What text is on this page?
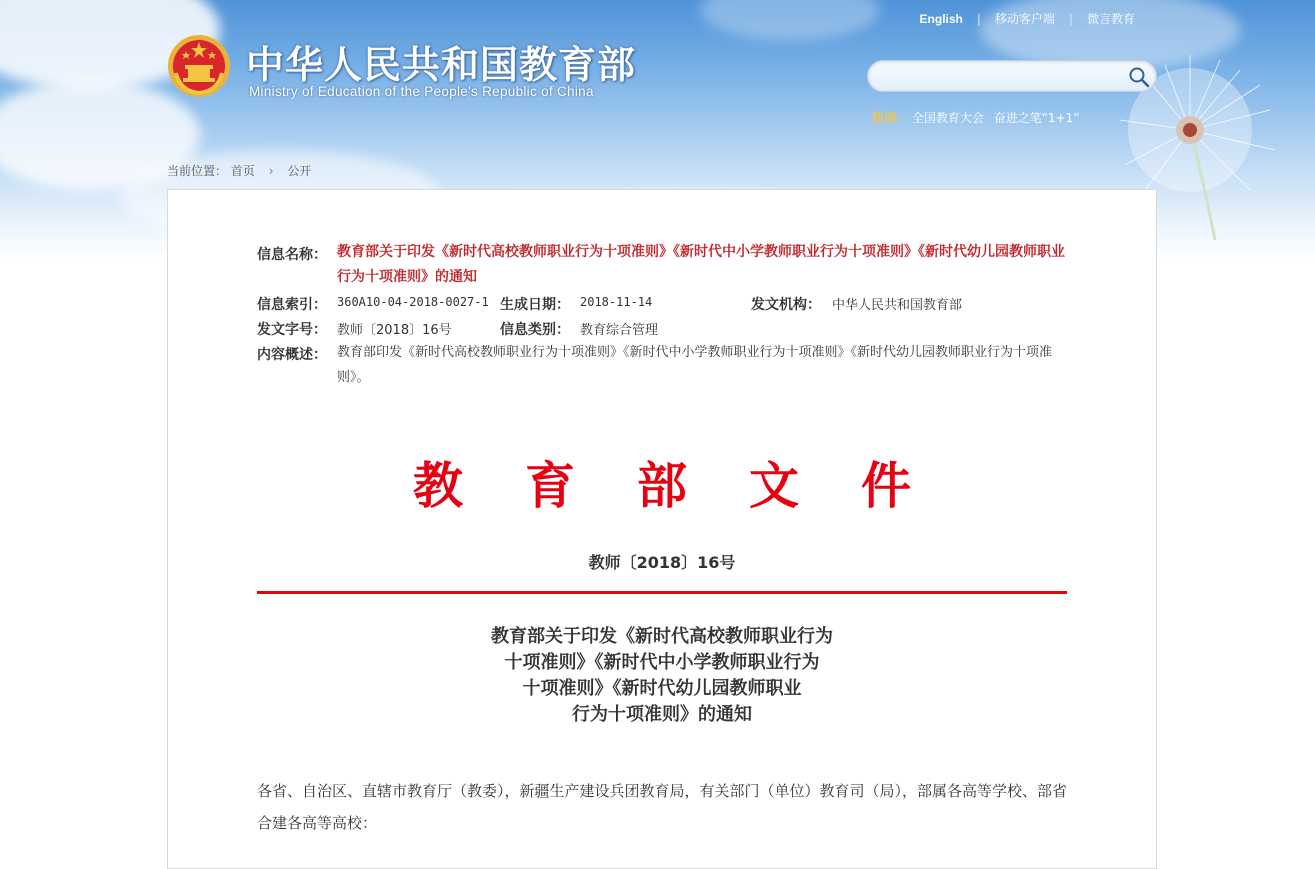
中华人民共和国教育部
Ministry of Education of the People's Republic of China
English | 移动客户端 | 微言教育
热词： 全国教育大会 奋进之笔“1+1”
当前位置： 首页 › 公开
信息名称： 教育部关于印发《新时代高校教师职业行为十项准则》《新时代中小学教师职业行为十项准则》《新时代幼儿园教师职业行为十项准则》的通知
信息索引： 360A10-04-2018-0027-1 生成日期： 2018-11-14	发文机构： 中华人民共和国教育部
发文字号： 教师〔2018〕16号	信息类别： 教育综合管理
内容概述： 教育部印发《新时代高校教师职业行为十项准则》《新时代中小学教师职业行为十项准则》《新时代幼儿园教师职业行为十项准则》。
教育部文件
教师〔2018〕16号
教育部关于印发《新时代高校教师职业行为
十项准则》《新时代中小学教师职业行为
十项准则》《新时代幼儿园教师职业
行为十项准则》的通知
各省、自治区、直辖市教育厅（教委），新疆生产建设兵团教育局，有关部门（单位）教育司（局），部属各高等学校、部省合建各高等高校：
